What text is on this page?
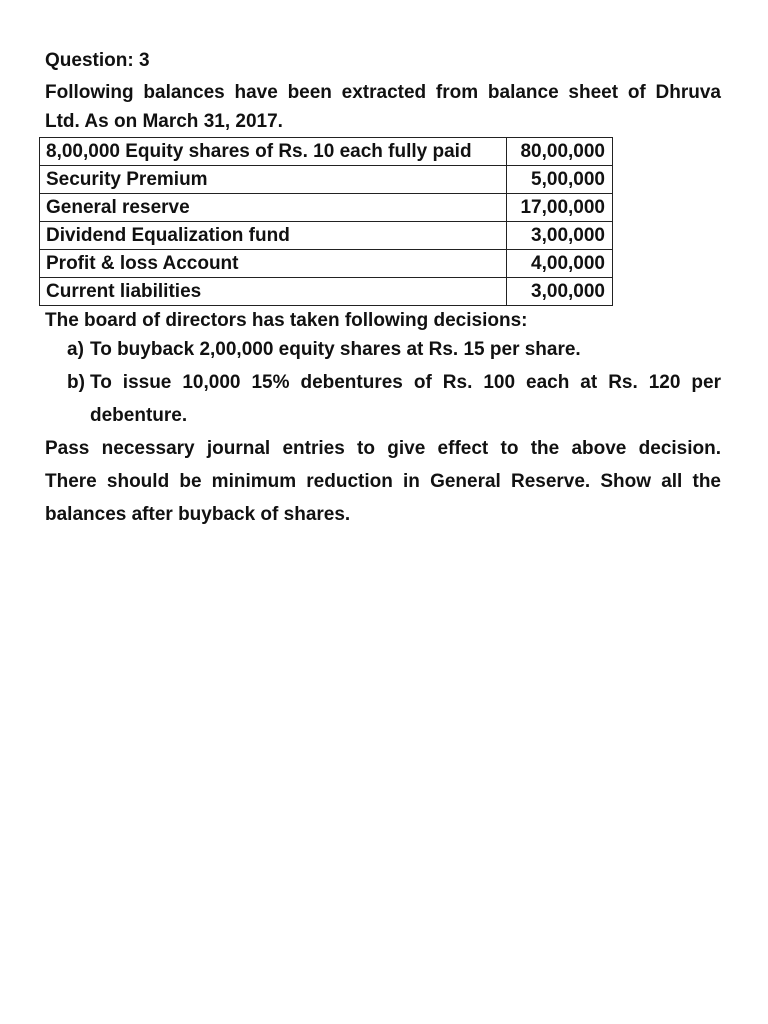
Question: 3
Following balances have been extracted from balance sheet of Dhruva
Ltd. As on March 31, 2017.
8,00,000 Equity shares of Rs. 10 each fully paid	80,00,000
Security Premium	5,00,000
General reserve	17,00,000
Dividend Equalization fund	3,00,000
Profit & loss Account	4,00,000
Current liabilities	3,00,000
The board of directors has taken following decisions:
a) To buyback 2,00,000 equity shares at Rs. 15 per share.
b) To issue 10,000 15% debentures of Rs. 100 each at Rs. 120 per
debenture.
Pass necessary journal entries to give effect to the above decision.
There should be minimum reduction in General Reserve. Show all the
balances after buyback of shares.
